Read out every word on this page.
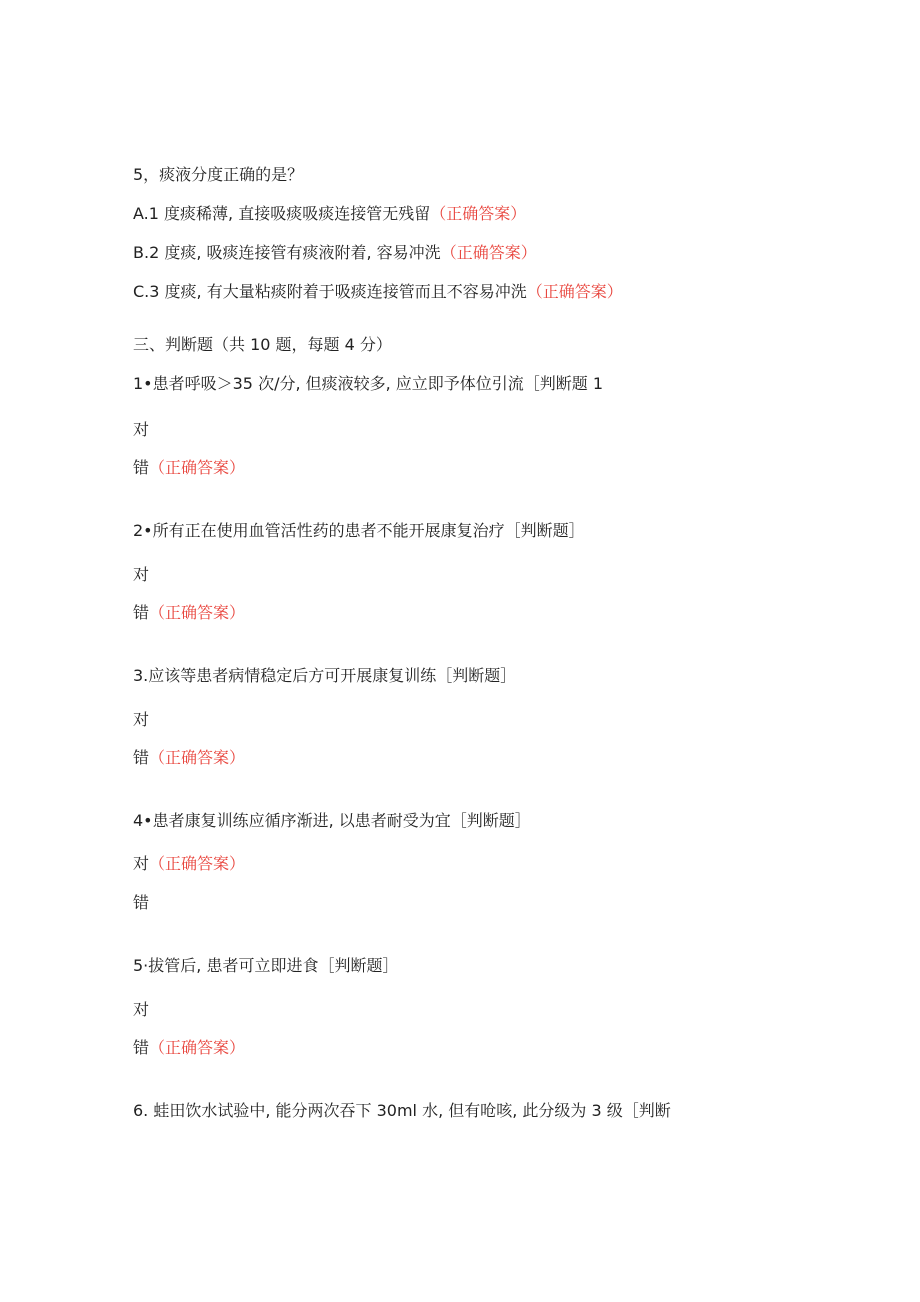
5，痰液分度正确的是？
A.1 度痰稀薄, 直接吸痰吸痰连接管无残留（正确答案）
B.2 度痰, 吸痰连接管有痰液附着, 容易冲洗（正确答案）
C.3 度痰, 有大量粘痰附着于吸痰连接管而且不容易冲洗（正确答案）
三、判断题（共 10 题，每题 4 分）
1•患者呼吸＞35 次/分, 但痰液较多, 应立即予体位引流［判断题 1
对
错（正确答案）
2•所有正在使用血管活性药的患者不能开展康复治疗［判断题］
对
错（正确答案）
3.应该等患者病情稳定后方可开展康复训练［判断题］
对
错（正确答案）
4•患者康复训练应循序渐进, 以患者耐受为宜［判断题］
对（正确答案）
错
5·拔管后, 患者可立即进食［判断题］
对
错（正确答案）
6. 蛙田饮水试验中, 能分两次吞下 30ml 水, 但有呛咳, 此分级为 3 级［判断
